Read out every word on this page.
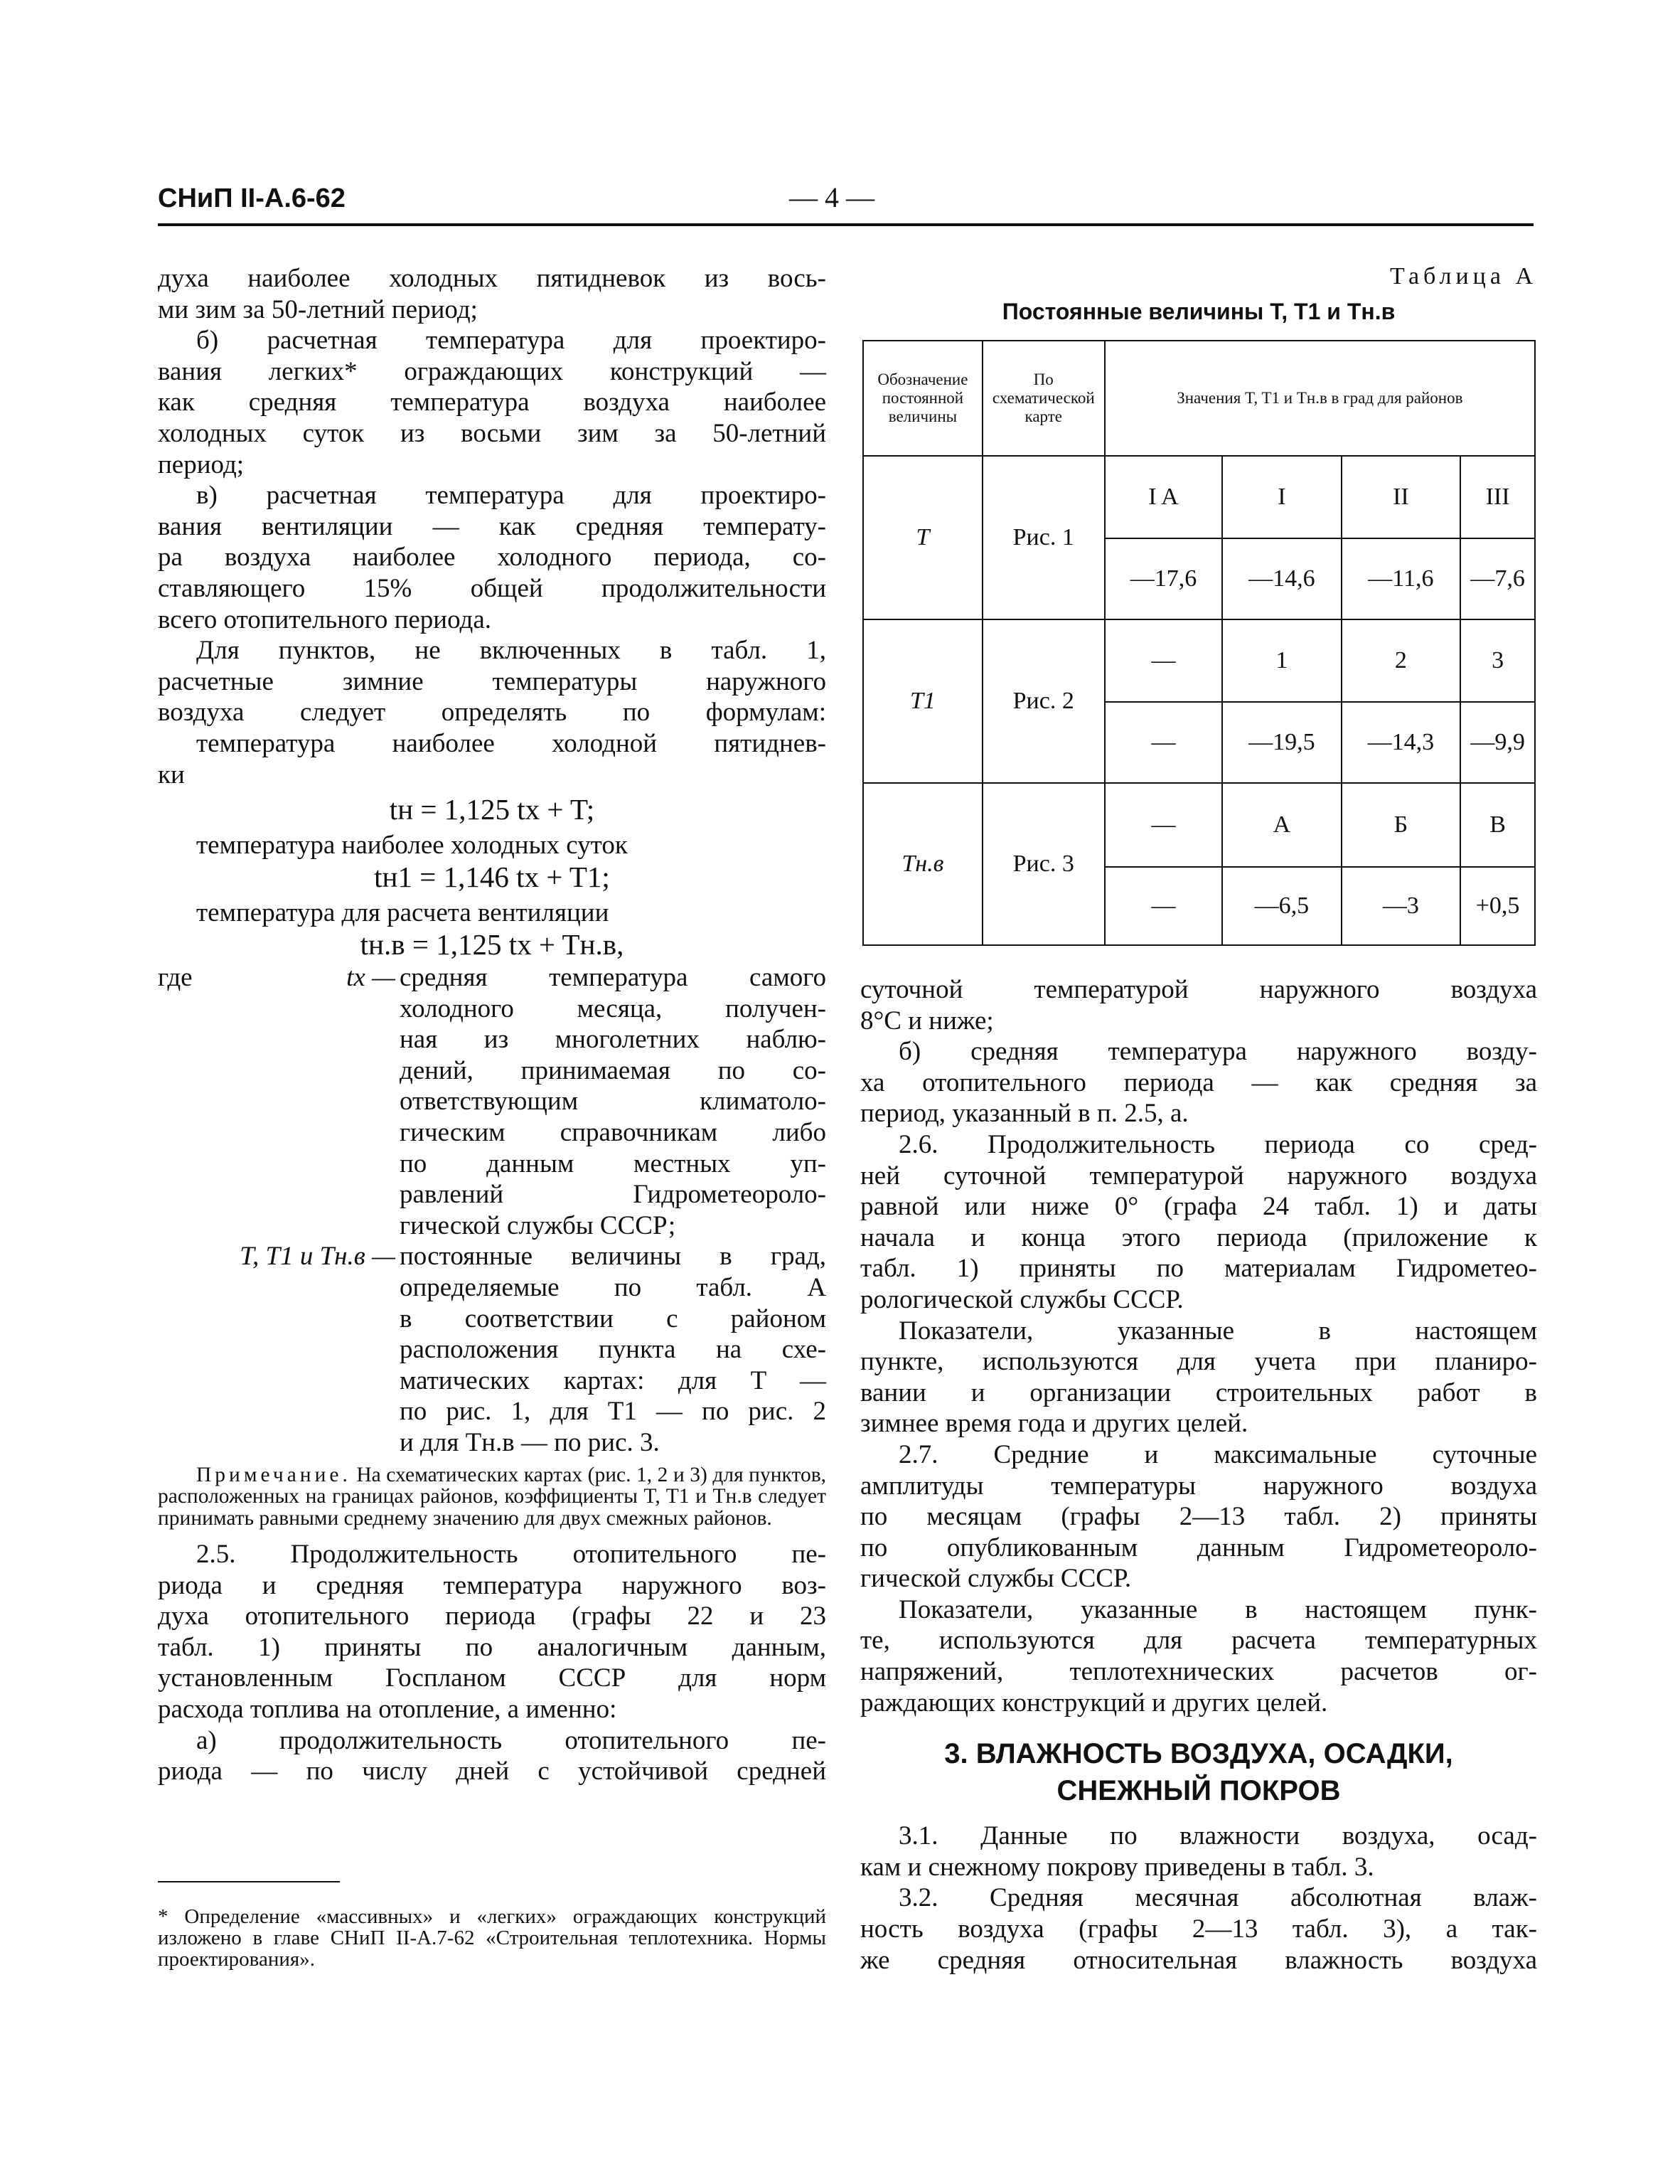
СНиП II-А.6-62	— 4 —

духа наиболее холодных пятидневок из вось-

ми зим за 50-летний период;

б) расчетная температура для проектиро-

вания легких* ограждающих конструкций —

как средняя температура воздуха наиболее

холодных суток из восьми зим за 50-летний

период;

в) расчетная температура для проектиро-

вания вентиляции — как средняя температу-

ра воздуха наиболее холодного периода, со-

ставляющего 15% общей продолжительности

всего отопительного периода.

Для пунктов, не включенных в табл. 1,

расчетные зимние температуры наружного

воздуха следует определять по формулам:

температура наиболее холодной пятиднев-

ки

tн = 1,125 tx + T;

температура наиболее холодных суток

tн1 = 1,146 tx + T1;

температура для расчета вентиляции

tн.в = 1,125 tx + Tн.в,

где	tx — средняя температура самого

холодного месяца, получен-

ная из многолетних наблю-

дений, принимаемая по со-

ответствующим климатоло-

гическим справочникам либо

по данным местных уп-

равлений Гидрометеороло-

гической службы СССР;

T, T1 и Tн.в — постоянные величины в град,

определяемые по табл. А

в соответствии с районом

расположения пункта на схе-

матических картах: для T —

по рис. 1, для T1 — по рис. 2

и для Tн.в — по рис. 3.

Примечание. На схематических картах (рис. 1, 2 и 3) для пунктов, расположенных на границах районов, коэффициенты T, T1 и Tн.в следует принимать равными среднему значению для двух смежных районов.

2.5. Продолжительность отопительного пе-

риода и средняя температура наружного воз-

духа отопительного периода (графы 22 и 23

табл. 1) приняты по аналогичным данным,

установленным Госпланом СССР для норм

расхода топлива на отопление, а именно:

а) продолжительность отопительного пе-

риода — по числу дней с устойчивой средней

* Определение «массивных» и «легких» ограждающих конструкций изложено в главе СНиП II-А.7-62 «Строительная теплотехника. Нормы проектирования».
Таблица А
Постоянные величины T, T1 и Tн.в
Обозначение постоянной величины	По схематической карте	Значения T, T1 и Tн.в в град для районов			
T	Рис. 1	I A	I	II	III
		—17,6	—14,6	—11,6	—7,6
T1	Рис. 2	—	1	2	3
		—	—19,5	—14,3	—9,9
Tн.в	Рис. 3	—	А	Б	В
		—	—6,5	—3	+0,5

суточной температурой наружного воздуха

8°С и ниже;

б) средняя температура наружного возду-

ха отопительного периода — как средняя за

период, указанный в п. 2.5, а.

2.6. Продолжительность периода со сред-

ней суточной температурой наружного воздуха

равной или ниже 0° (графа 24 табл. 1) и даты

начала и конца этого периода (приложение к

табл. 1) приняты по материалам Гидрометео-

рологической службы СССР.

Показатели, указанные в настоящем

пункте, используются для учета при планиро-

вании и организации строительных работ в

зимнее время года и других целей.

2.7. Средние и максимальные суточные

амплитуды температуры наружного воздуха

по месяцам (графы 2—13 табл. 2) приняты

по опубликованным данным Гидрометеороло-

гической службы СССР.

Показатели, указанные в настоящем пунк-

те, используются для расчета температурных

напряжений, теплотехнических расчетов ог-

раждающих конструкций и других целей.

3. ВЛАЖНОСТЬ ВОЗДУХА, ОСАДКИ,

СНЕЖНЫЙ ПОКРОВ

3.1. Данные по влажности воздуха, осад-

кам и снежному покрову приведены в табл. 3.

3.2. Средняя месячная абсолютная влаж-

ность воздуха (графы 2—13 табл. 3), а так-

же средняя относительная влажность воздуха
